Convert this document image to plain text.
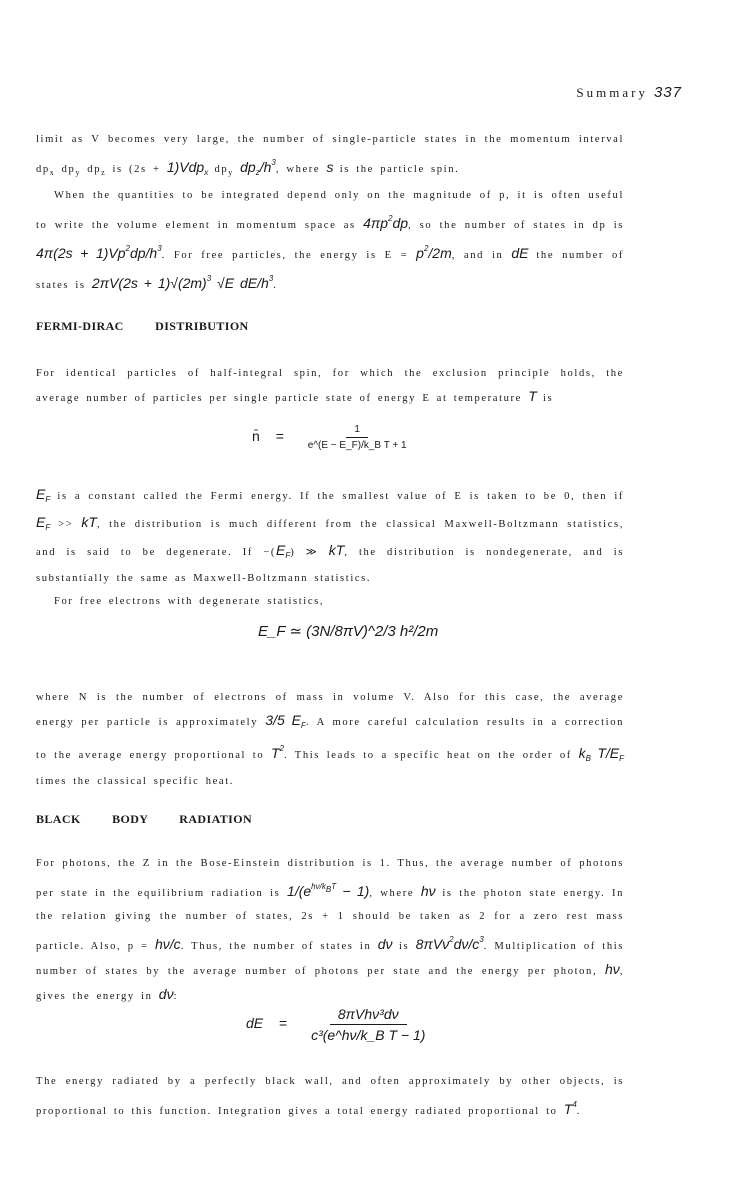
Summary 337

limit as V becomes very large, the number of single-particle states in the momentum interval $dp_x$ $dp_y$ $dp_z$ is (2s + 1)Vdp$_x$ $dp_y$ $dp_z/h^3$, where s is the particle spin.

When the quantities to be integrated depend only on the magnitude of p, it is often useful to write the volume element in momentum space as $4\pi p^2dp$, so the number of states in dp is $4\pi(2s + 1)Vp^2dp/h^3$. For free particles, the energy is $E = p^2/2m$, and in dE the number of states is $2\pi V(2s + 1)√(2m)^3$ √E $dE/h^3$.

FERMI-DIRAC DISTRIBUTION

For identical particles of half-integral spin, for which the exclusion principle holds, the average number of particles per single particle state of energy E at temperature T is

n̄ = $\frac{1}{\text{e\textasciicircum{}(E − E\_F)/k\_B T + 1}}$

$E_F$ is a constant called the Fermi energy. If the smallest value of E is taken to be 0, then if $E_F$ >> kT, the distribution is much different from the classical Maxwell-Boltzmann statistics, and is said to be degenerate. $If -(E_F)$ ≫ kT, the distribution is nondegenerate, and is substantially the same as Maxwell-Boltzmann statistics.

For free electrons with degenerate statistics,

E_F ≃ (3N/8πV)^2/3 h²/2m

where N is the number of electrons of mass in volume V. Also for this case, the average energy per particle is approximately 3/5 $E_F$. A more careful calculation results in a correction to the average energy proportional to $T^2$. This leads to a specific heat on the order of $k_B$ $T/E_F$ times the classical specific heat.

BLACK BODY RADIATION

For photons, the Z in the Bose-Einstein distribution is 1. Thus, the average number of photons per state in the equilibrium radiation is $1/(e^{h\nu/k_BT} - 1)$, where hν is the photon state energy. In the relation giving the number of states, 2s + 1 should be taken as 2 for a zero rest mass particle. Also, p = hν/c. Thus, the number of states in dν is $8\pi V\nu^2d\nu/c^3$. Multiplication of this number of states by the average number of photons per state and the energy per photon, hν, gives the energy in dν:

dE = $\frac{\text{8πVhν³dν}}{\text{c³(e\textasciicircum{}hν/k\_B T − 1)}}$

The energy radiated by a perfectly black wall, and often approximately by other objects, is proportional to this function. Integration gives a total energy radiated proportional to $T^4$.
